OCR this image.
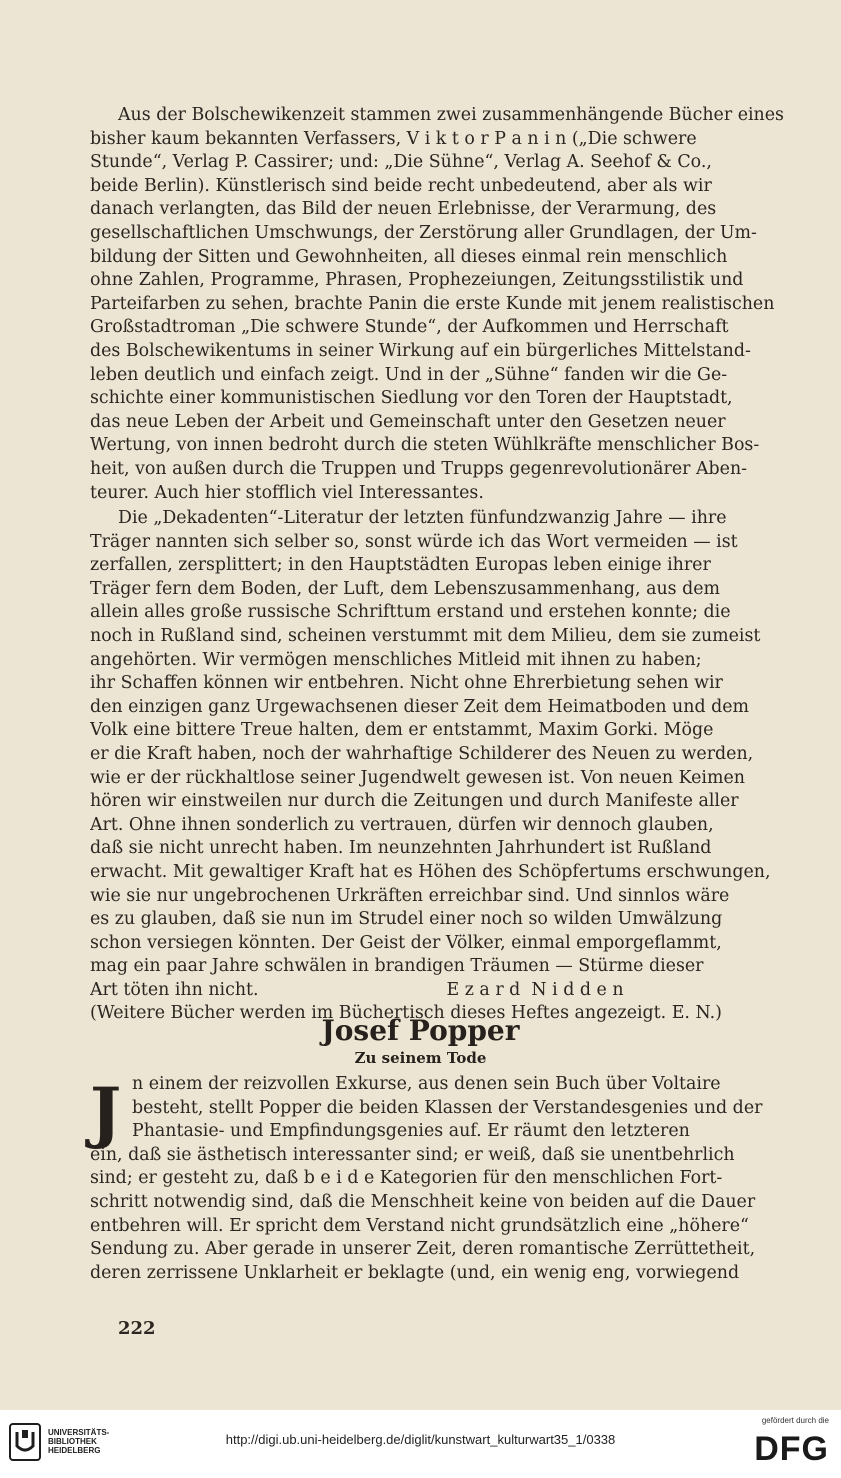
Aus der Bolschewikenzeit stammen zwei zusammenhängende Bücher eines
bisher kaum bekannten Verfassers, V i k t o r P a n i n („Die schwere
Stunde“, Verlag P. Cassirer; und: „Die Sühne“, Verlag A. Seehof & Co.,
beide Berlin). Künstlerisch sind beide recht unbedeutend, aber als wir
danach verlangten, das Bild der neuen Erlebnisse, der Verarmung, des
gesellschaftlichen Umschwungs, der Zerstörung aller Grundlagen, der Um-
bildung der Sitten und Gewohnheiten, all dieses einmal rein menschlich
ohne Zahlen, Programme, Phrasen, Prophezeiungen, Zeitungsstilistik und
Parteifarben zu sehen, brachte Panin die erste Kunde mit jenem realistischen
Großstadtroman „Die schwere Stunde“, der Aufkommen und Herrschaft
des Bolschewikentums in seiner Wirkung auf ein bürgerliches Mittelstand-
leben deutlich und einfach zeigt. Und in der „Sühne“ fanden wir die Ge-
schichte einer kommunistischen Siedlung vor den Toren der Hauptstadt,
das neue Leben der Arbeit und Gemeinschaft unter den Gesetzen neuer
Wertung, von innen bedroht durch die steten Wühlkräfte menschlicher Bos-
heit, von außen durch die Truppen und Trupps gegenrevolutionärer Aben-
teurer. Auch hier stofflich viel Interessantes.
Die „Dekadenten“-Literatur der letzten fünfundzwanzig Jahre — ihre
Träger nannten sich selber so, sonst würde ich das Wort vermeiden — ist
zerfallen, zersplittert; in den Hauptstädten Europas leben einige ihrer
Träger fern dem Boden, der Luft, dem Lebenszusammenhang, aus dem
allein alles große russische Schrifttum erstand und erstehen konnte; die
noch in Rußland sind, scheinen verstummt mit dem Milieu, dem sie zumeist
angehörten. Wir vermögen menschliches Mitleid mit ihnen zu haben;
ihr Schaffen können wir entbehren. Nicht ohne Ehrerbietung sehen wir
den einzigen ganz Urgewachsenen dieser Zeit dem Heimatboden und dem
Volk eine bittere Treue halten, dem er entstammt, Maxim Gorki. Möge
er die Kraft haben, noch der wahrhaftige Schilderer des Neuen zu werden,
wie er der rückhaltlose seiner Jugendwelt gewesen ist. Von neuen Keimen
hören wir einstweilen nur durch die Zeitungen und durch Manifeste aller
Art. Ohne ihnen sonderlich zu vertrauen, dürfen wir dennoch glauben,
daß sie nicht unrecht haben. Im neunzehnten Jahrhundert ist Rußland
erwacht. Mit gewaltiger Kraft hat es Höhen des Schöpfertums erschwungen,
wie sie nur ungebrochenen Urkräften erreichbar sind. Und sinnlos wäre
es zu glauben, daß sie nun im Strudel einer noch so wilden Umwälzung
schon versiegen könnten. Der Geist der Völker, einmal emporgeflammt,
mag ein paar Jahre schwälen in brandigen Träumen — Stürme dieser
Art töten ihn nicht.                                  E z a r d  N i d d e n
(Weitere Bücher werden im Büchertisch dieses Heftes angezeigt. E. N.)
Josef Popper
Zu seinem Tode
J n einem der reizvollen Exkurse, aus denen sein Buch über Voltaire
besteht, stellt Popper die beiden Klassen der Verstandesgenies und der
Phantasie- und Empfindungsgenies auf. Er räumt den letzteren
ein, daß sie ästhetisch interessanter sind; er weiß, daß sie unentbehrlich
sind; er gesteht zu, daß b e i d e Kategorien für den menschlichen Fort-
schritt notwendig sind, daß die Menschheit keine von beiden auf die Dauer
entbehren will. Er spricht dem Verstand nicht grundsätzlich eine „höhere“
Sendung zu. Aber gerade in unserer Zeit, deren romantische Zerrüttetheit,
deren zerrissene Unklarheit er beklagte (und, ein wenig eng, vorwiegend
222
UNIVERSITÄTS-
BIBLIOTHEK
HEIDELBERG
http://digi.ub.uni-heidelberg.de/diglit/kunstwart_kulturwart35_1/0338
gefördert durch die
DFG
